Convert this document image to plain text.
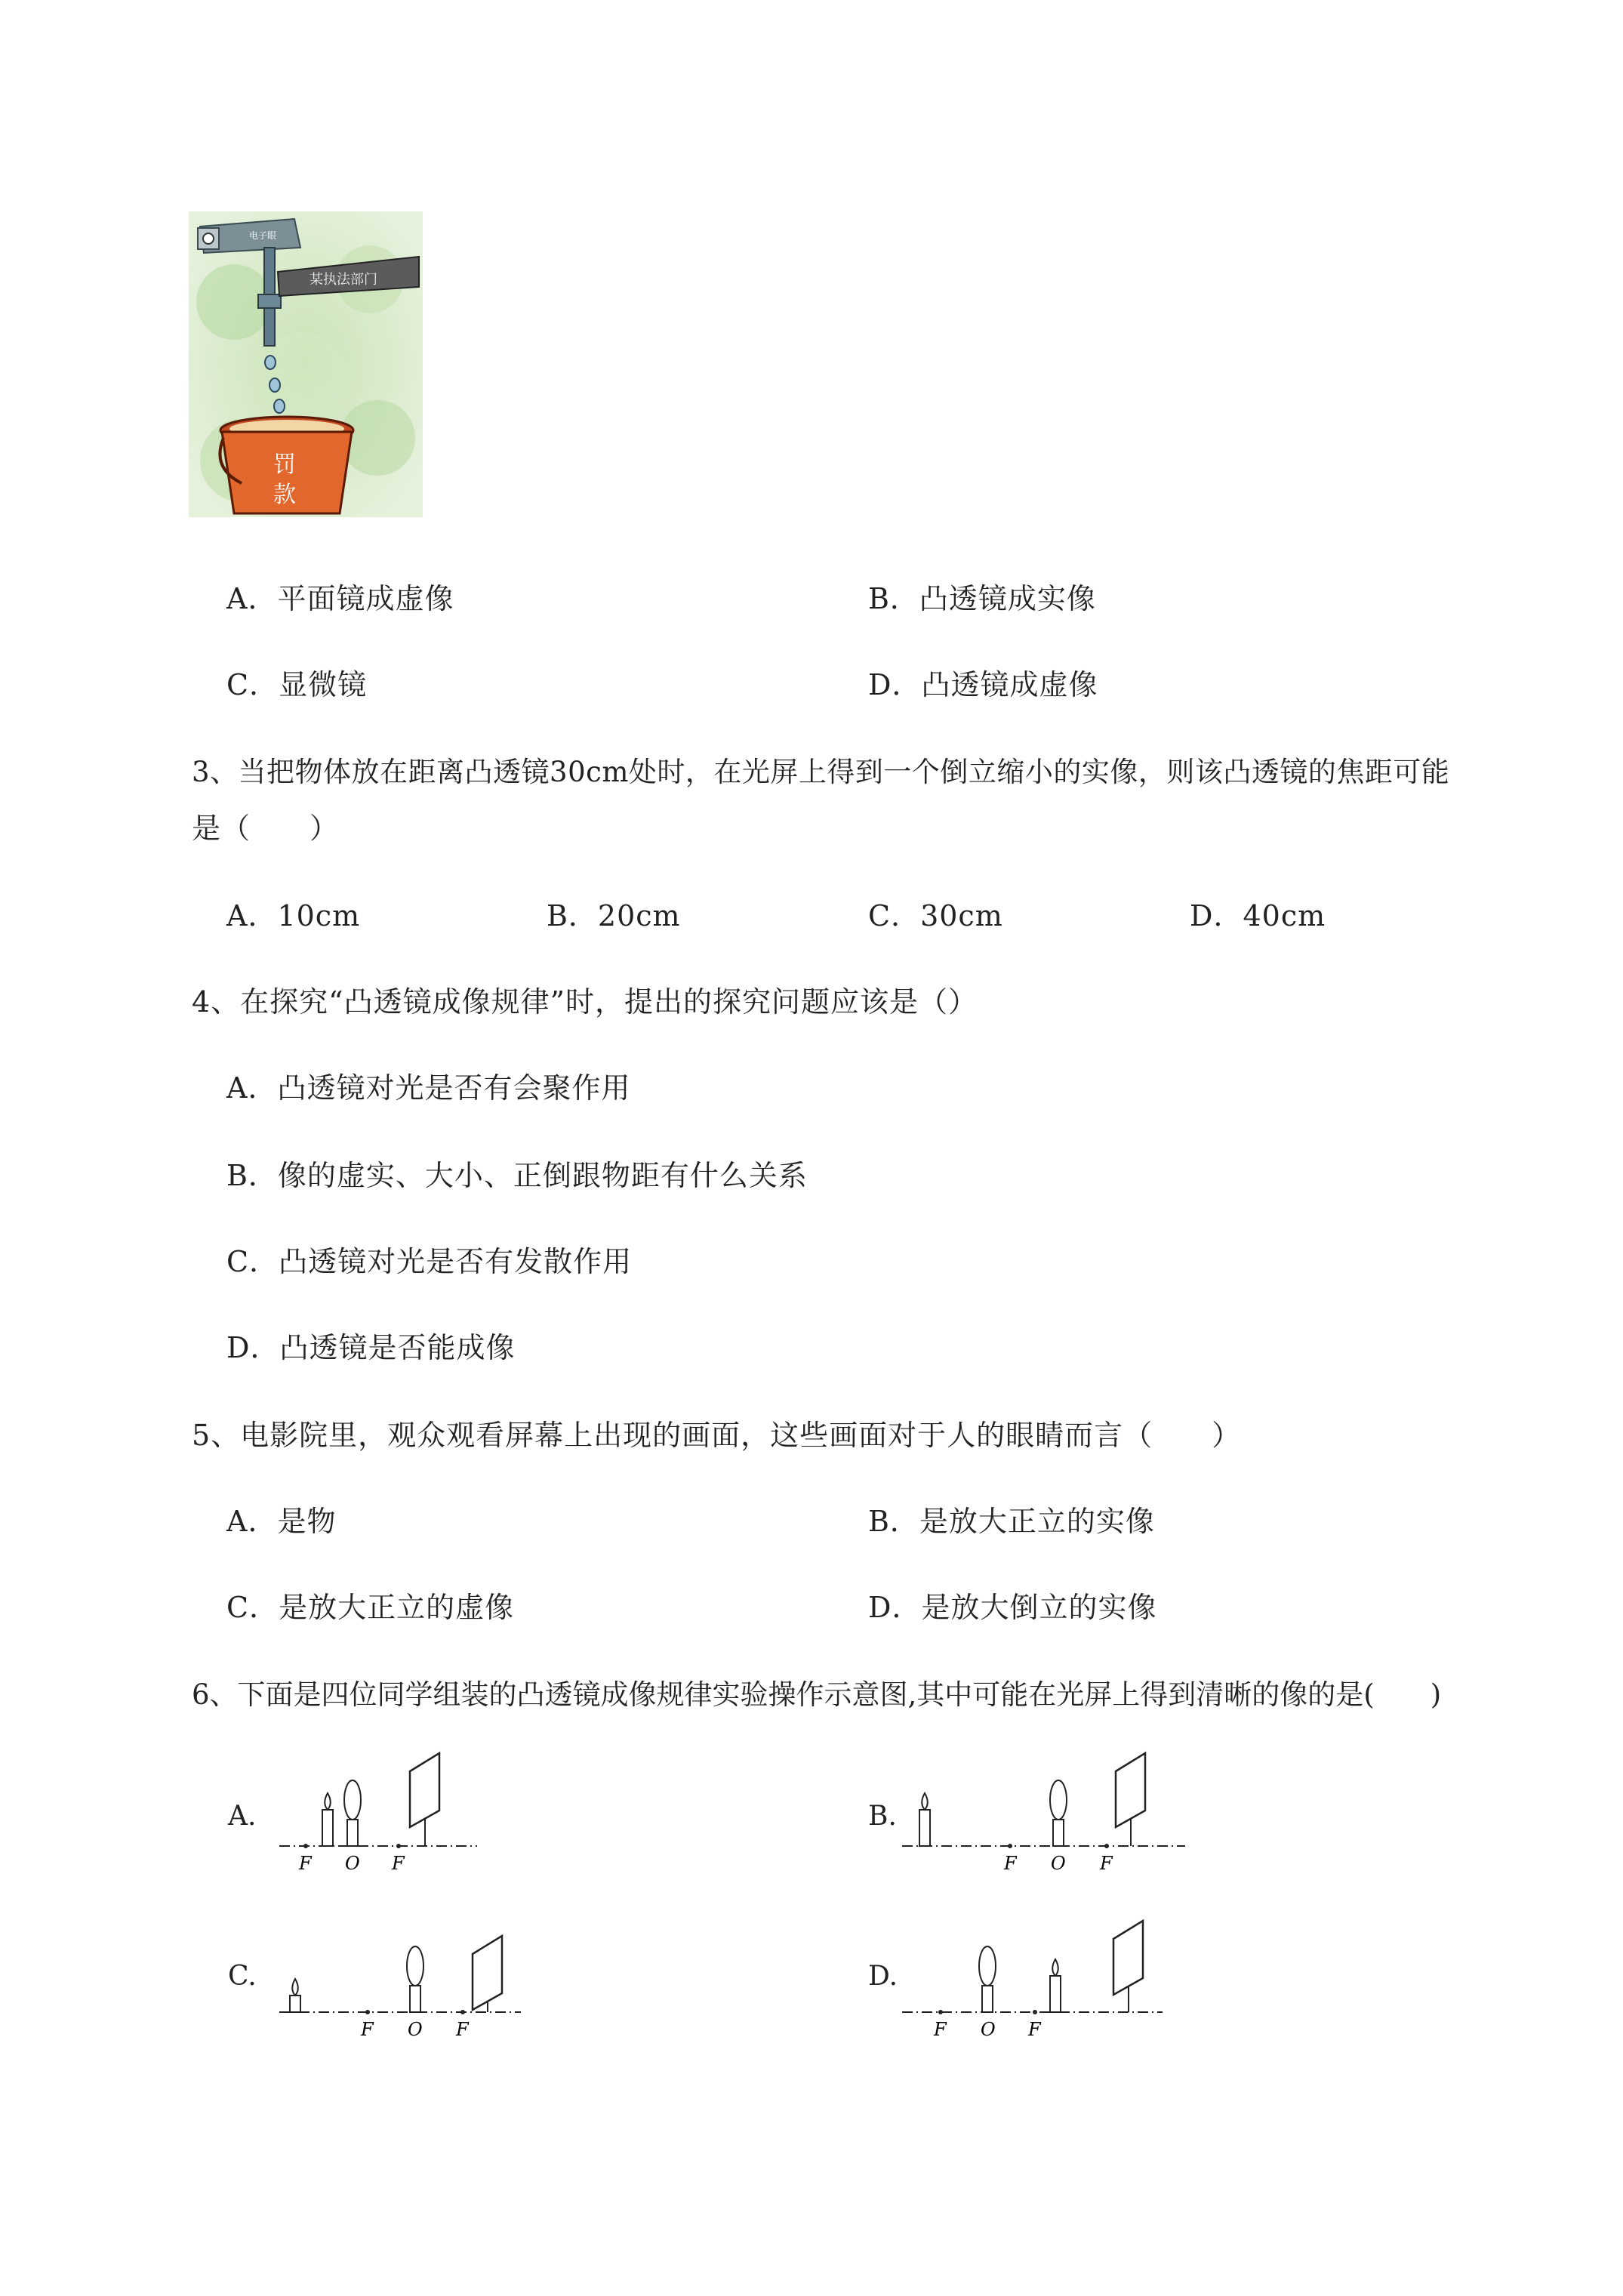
电子眼
某执法部门
罚
款
A．平面镜成虚像	B．凸透镜成实像
C．显微镜	D．凸透镜成虚像
3、当把物体放在距离凸透镜30cm处时，在光屏上得到一个倒立缩小的实像，则该凸透镜的焦距可能
是（　　）
A．10cm	B．20cm	C．30cm	D．40cm
4、在探究“凸透镜成像规律”时，提出的探究问题应该是（）
A．凸透镜对光是否有会聚作用
B．像的虚实、大小、正倒跟物距有什么关系
C．凸透镜对光是否有发散作用
D．凸透镜是否能成像
5、电影院里，观众观看屏幕上出现的画面，这些画面对于人的眼睛而言（　　）
A．是物	B．是放大正立的实像
C．是放大正立的虚像	D．是放大倒立的实像
6、下面是四位同学组装的凸透镜成像规律实验操作示意图,其中可能在光屏上得到清晰的像的是(　　)
A.	B.
C.	D.
F O F	F O F
F O F	F O F
